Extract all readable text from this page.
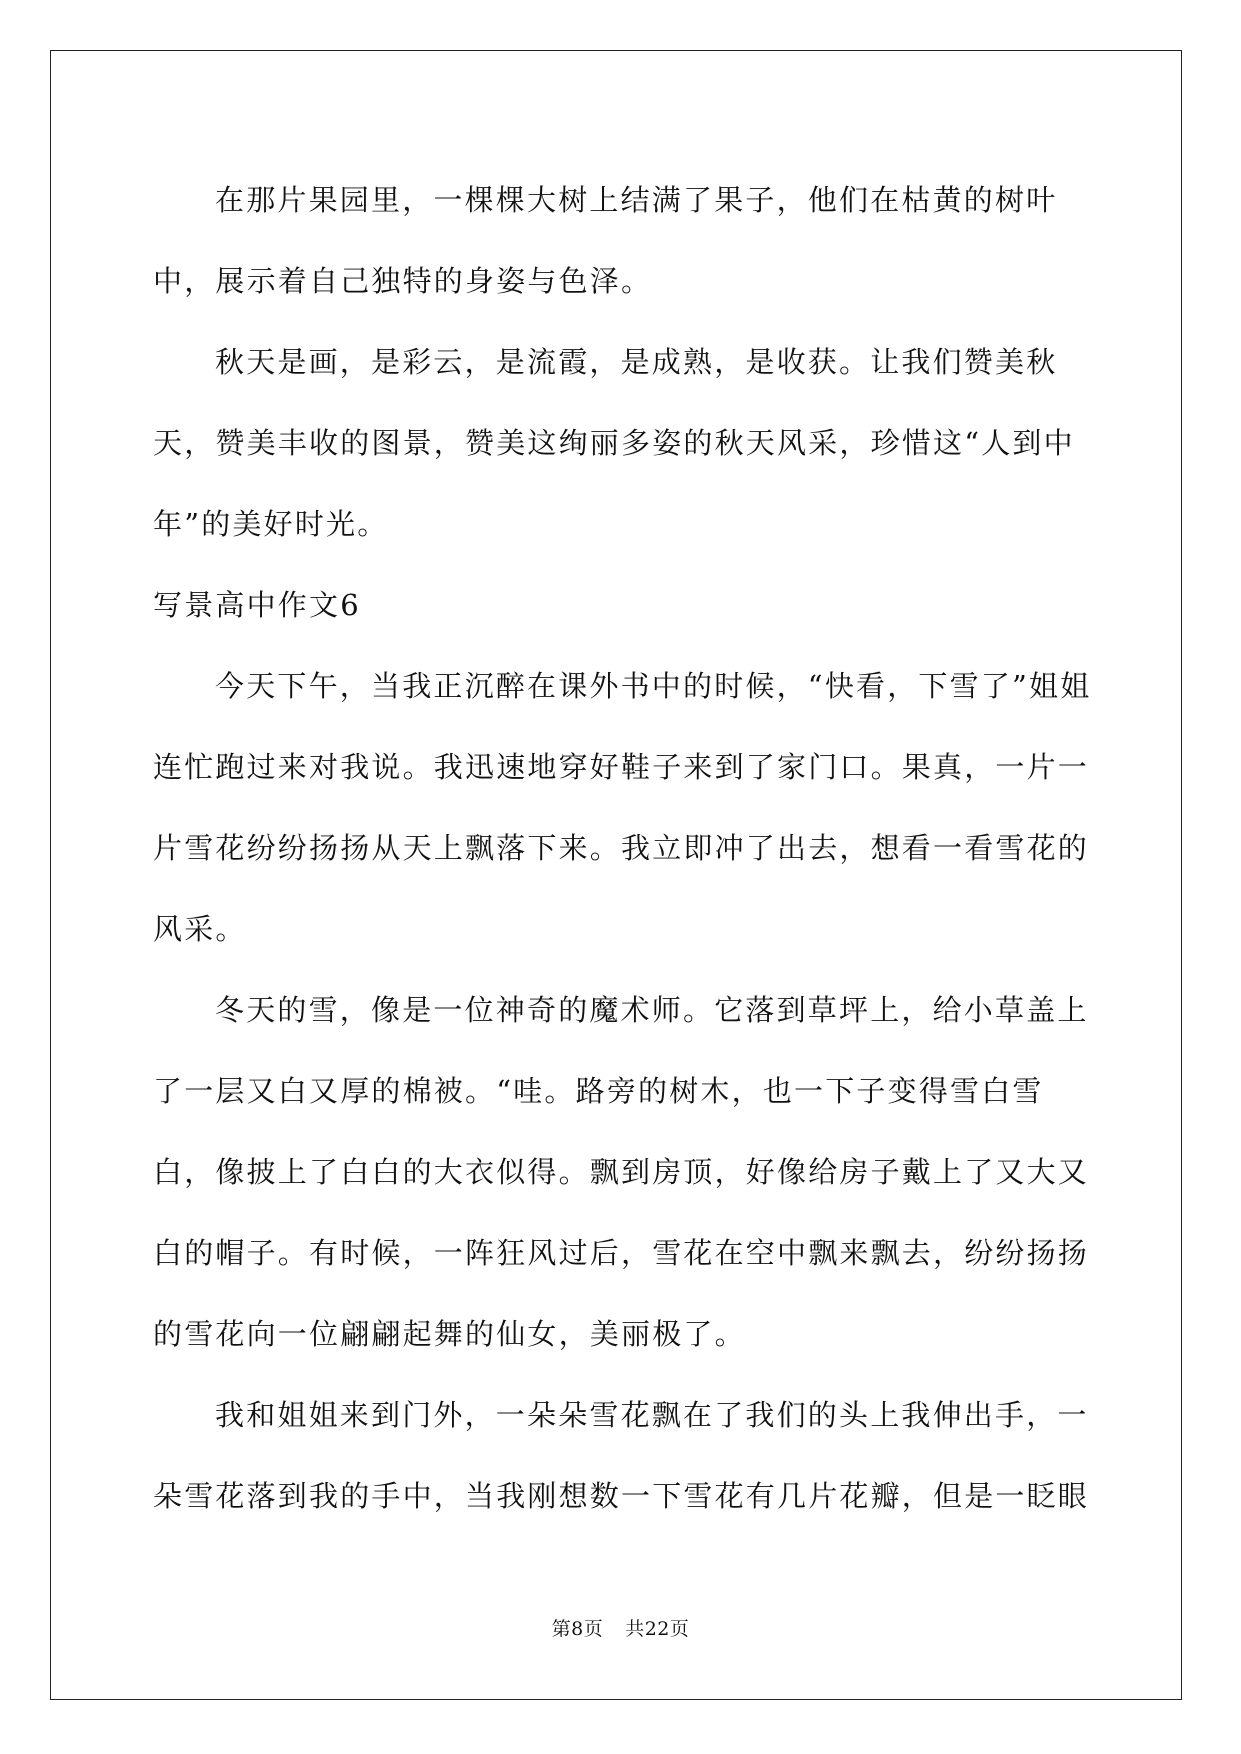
在那片果园里，一棵棵大树上结满了果子，他们在枯黄的树叶中，展示着自己独特的身姿与色泽。

秋天是画，是彩云，是流霞，是成熟，是收获。让我们赞美秋天，赞美丰收的图景，赞美这绚丽多姿的秋天风采，珍惜这“人到中年”的美好时光。

写景高中作文6

今天下午，当我正沉醉在课外书中的时候，“快看，下雪了”姐姐连忙跑过来对我说。我迅速地穿好鞋子来到了家门口。果真，一片一片雪花纷纷扬扬从天上飘落下来。我立即冲了出去，想看一看雪花的风采。

冬天的雪，像是一位神奇的魔术师。它落到草坪上，给小草盖上了一层又白又厚的棉被。“哇。路旁的树木，也一下子变得雪白雪白，像披上了白白的大衣似得。飘到房顶，好像给房子戴上了又大又白的帽子。有时候，一阵狂风过后，雪花在空中飘来飘去，纷纷扬扬的雪花向一位翩翩起舞的仙女，美丽极了。

我和姐姐来到门外，一朵朵雪花飘在了我们的头上我伸出手，一朵雪花落到我的手中，当我刚想数一下雪花有几片花瓣，但是一眨眼

第8页 共22页
